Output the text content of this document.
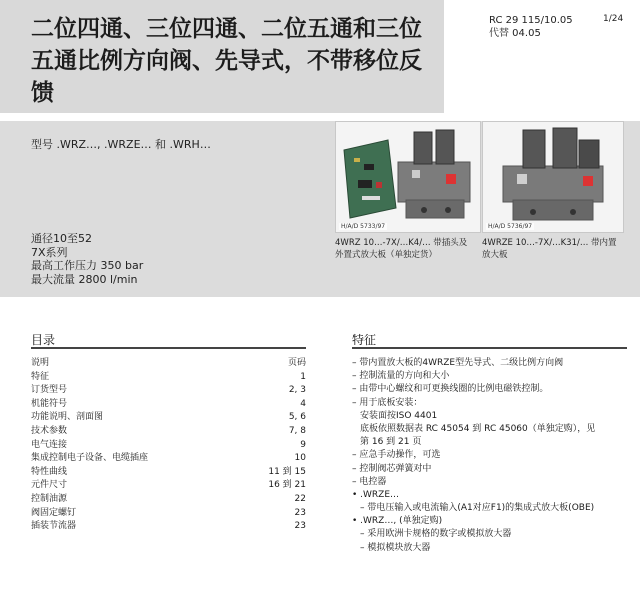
二位四通、三位四通、二位五通和三位五通比例方向阀、先导式，不带移位反馈
RC 29 115/10.05
代替 04.05
1/24
型号 .WRZ…, .WRZE… 和 .WRH…
通径10至52
7X系列
最高工作压力 350 bar
最大流量 2800 l/min
H/A/D 5733/97	H/A/D 5736/97
4WRZ 10…-7X/…K4/… 带插头及外置式放大板（单独定货）
4WRZE 10…-7X/…K31/… 带内置放大板
目录
说明	页码
特征	1
订货型号	2, 3
机能符号	4
功能说明、剖面图	5, 6
技术参数	7, 8
电气连接	9
集成控制电子设备、电缆插座	10
特性曲线	11 到 15
元件尺寸	16 到 21
控制油源	22
阀固定螺钉	23
插装节流器	23
特征
– 带内置放大板的4WRZE型先导式、二级比例方向阀
– 控制流量的方向和大小
– 由带中心螺纹和可更换线圈的比例电磁铁控制。
– 用于底板安装：
安装面按ISO 4401
底板依照数据表 RC 45054 到 RC 45060（单独定购），见
第 16 到 21 页
– 应急手动操作，可选
– 控制阀芯弹簧对中
– 电控器
• .WRZE…
– 带电压输入或电流输入(A1对应F1)的集成式放大板(OBE)
• .WRZ…, (单独定购)
– 采用欧洲卡规格的数字或模拟放大器
– 模拟模块放大器
